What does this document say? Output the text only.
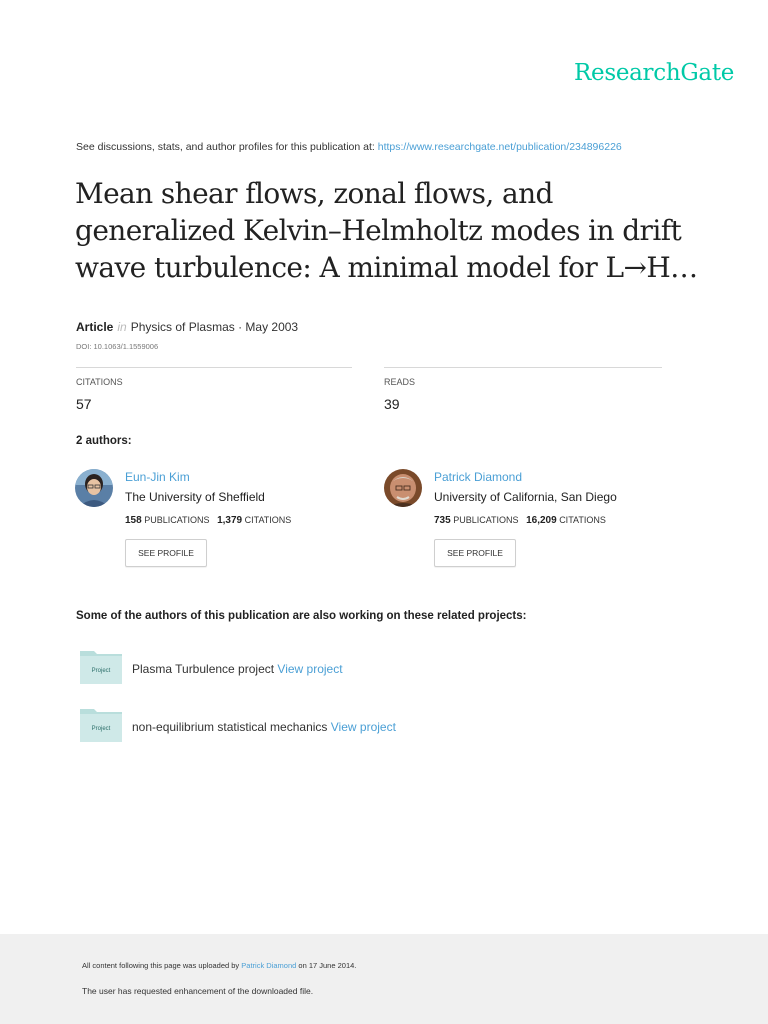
ResearchGate
See discussions, stats, and author profiles for this publication at: https://www.researchgate.net/publication/234896226
Mean shear flows, zonal flows, and generalized Kelvin–Helmholtz modes in drift wave turbulence: A minimal model for L→H…
Article in Physics of Plasmas · May 2003
DOI: 10.1063/1.1559006
CITATIONS
57
READS
39
2 authors:
Eun-Jin Kim
The University of Sheffield
158 PUBLICATIONS 1,379 CITATIONS
SEE PROFILE
Patrick Diamond
University of California, San Diego
735 PUBLICATIONS 16,209 CITATIONS
SEE PROFILE
Some of the authors of this publication are also working on these related projects:
Project Plasma Turbulence project View project
Project non-equilibrium statistical mechanics View project
All content following this page was uploaded by Patrick Diamond on 17 June 2014.
The user has requested enhancement of the downloaded file.
